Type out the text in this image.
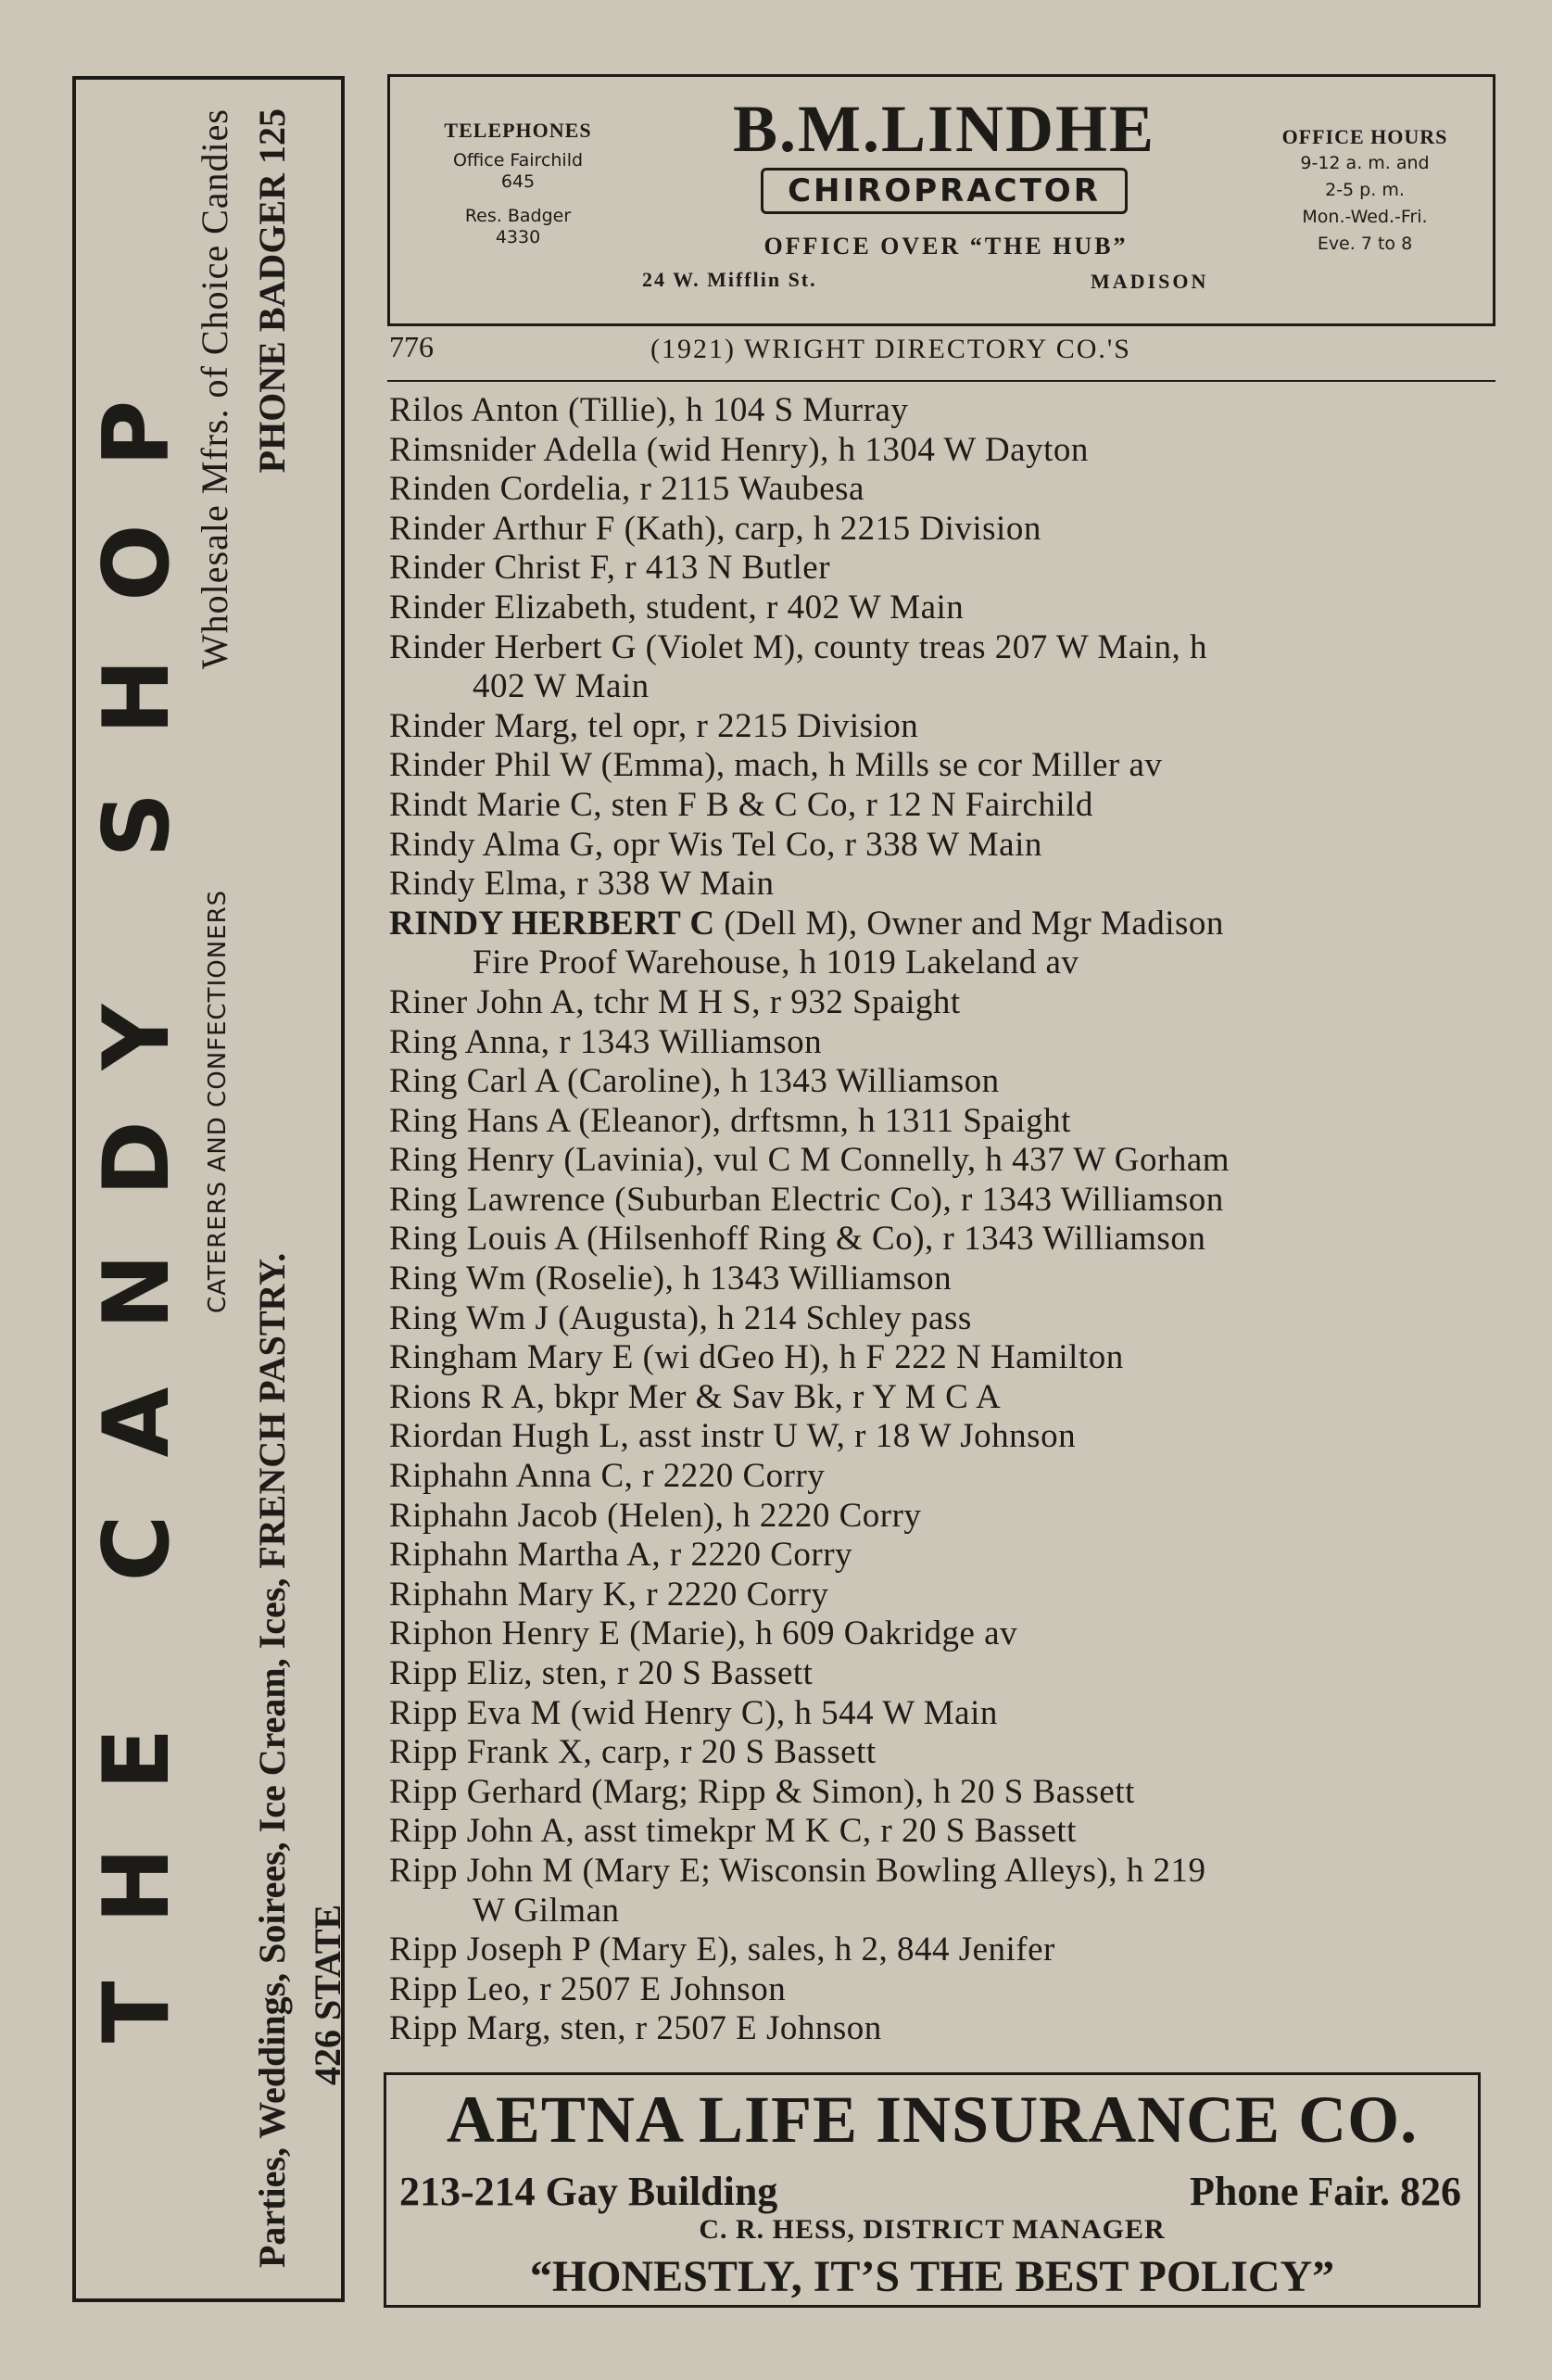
THE CANDY SHOP CATERERS AND CONFECTIONERS
Wholesale Mfrs. of Choice Candies
Parties, Weddings, Soirees, Ice Cream, Ices, FRENCH PASTRY.
PHONE BADGER 125
426 STATE
TELEPHONES
Office Fairchild
645
Res. Badger
4330
B.M.LINDHE
CHIROPRACTOR
OFFICE OVER “THE HUB”
24 W. Mifflin St.	MADISON
OFFICE HOURS
9-12 a. m. and
2-5 p. m.
Mon.-Wed.-Fri.
Eve. 7 to 8
776	(1921) WRIGHT DIRECTORY CO.'S
Rilos Anton (Tillie), h 104 S Murray
Rimsnider Adella (wid Henry), h 1304 W Dayton
Rinden Cordelia, r 2115 Waubesa
Rinder Arthur F (Kath), carp, h 2215 Division
Rinder Christ F, r 413 N Butler
Rinder Elizabeth, student, r 402 W Main
Rinder Herbert G (Violet M), county treas 207 W Main, h
402 W Main
Rinder Marg, tel opr, r 2215 Division
Rinder Phil W (Emma), mach, h Mills se cor Miller av
Rindt Marie C, sten F B & C Co, r 12 N Fairchild
Rindy Alma G, opr Wis Tel Co, r 338 W Main
Rindy Elma, r 338 W Main
RINDY HERBERT C (Dell M), Owner and Mgr Madison
Fire Proof Warehouse, h 1019 Lakeland av
Riner John A, tchr M H S, r 932 Spaight
Ring Anna, r 1343 Williamson
Ring Carl A (Caroline), h 1343 Williamson
Ring Hans A (Eleanor), drftsmn, h 1311 Spaight
Ring Henry (Lavinia), vul C M Connelly, h 437 W Gorham
Ring Lawrence (Suburban Electric Co), r 1343 Williamson
Ring Louis A (Hilsenhoff Ring & Co), r 1343 Williamson
Ring Wm (Roselie), h 1343 Williamson
Ring Wm J (Augusta), h 214 Schley pass
Ringham Mary E (wi dGeo H), h F 222 N Hamilton
Rions R A, bkpr Mer & Sav Bk, r Y M C A
Riordan Hugh L, asst instr U W, r 18 W Johnson
Riphahn Anna C, r 2220 Corry
Riphahn Jacob (Helen), h 2220 Corry
Riphahn Martha A, r 2220 Corry
Riphahn Mary K, r 2220 Corry
Riphon Henry E (Marie), h 609 Oakridge av
Ripp Eliz, sten, r 20 S Bassett
Ripp Eva M (wid Henry C), h 544 W Main
Ripp Frank X, carp, r 20 S Bassett
Ripp Gerhard (Marg; Ripp & Simon), h 20 S Bassett
Ripp John A, asst timekpr M K C, r 20 S Bassett
Ripp John M (Mary E; Wisconsin Bowling Alleys), h 219
W Gilman
Ripp Joseph P (Mary E), sales, h 2, 844 Jenifer
Ripp Leo, r 2507 E Johnson
Ripp Marg, sten, r 2507 E Johnson
AETNA LIFE INSURANCE CO.
213-214 Gay Building	Phone Fair. 826
C. R. HESS, DISTRICT MANAGER
“HONESTLY, IT’S THE BEST POLICY”
